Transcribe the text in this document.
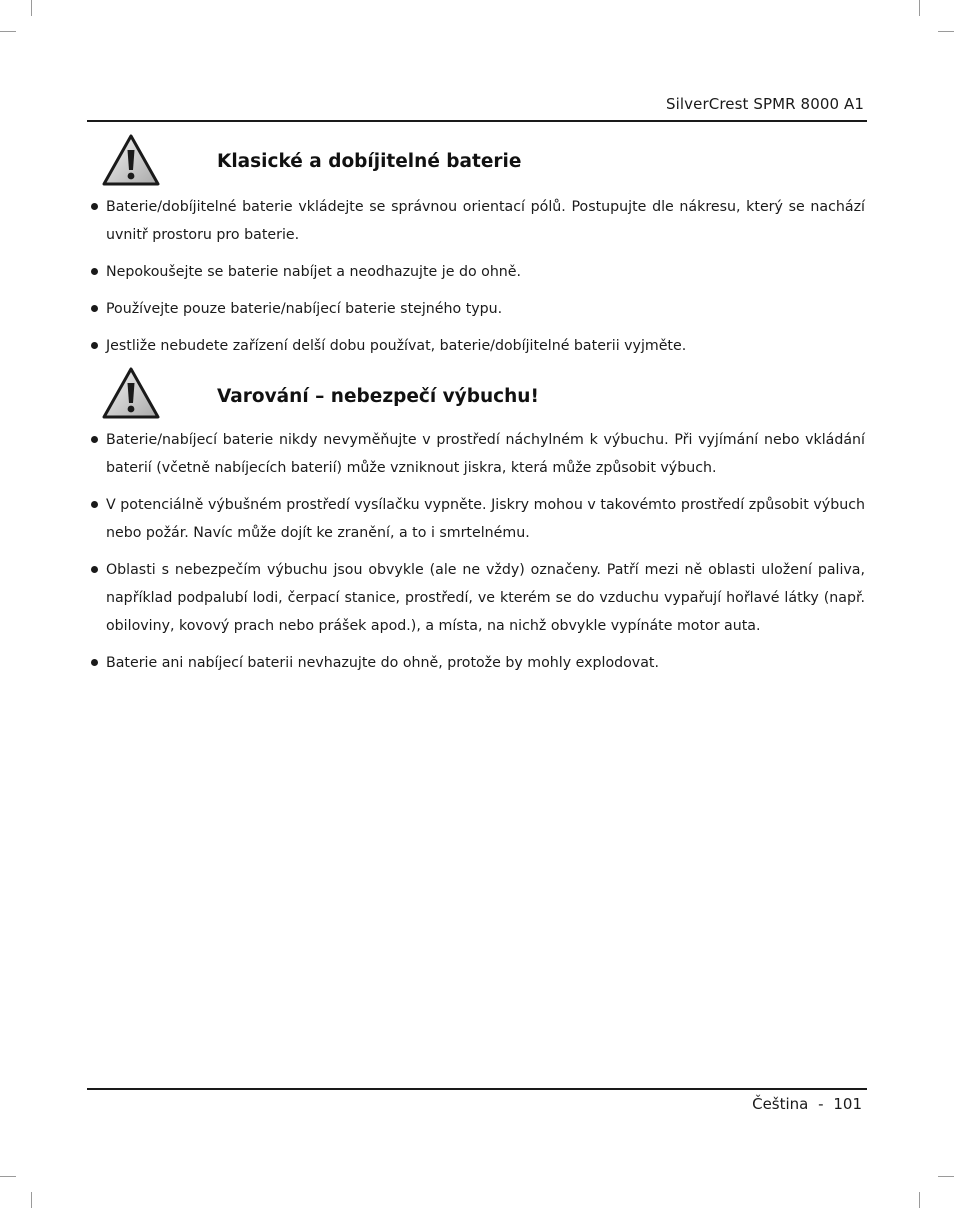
SilverCrest SPMR 8000 A1
Klasické a dobíjitelné baterie
Baterie/dobíjitelné baterie vkládejte se správnou orientací pólů. Postupujte dle nákresu, který se nachází uvnitř prostoru pro baterie.
Nepokoušejte se baterie nabíjet a neodhazujte je do ohně.
Používejte pouze baterie/nabíjecí baterie stejného typu.
Jestliže nebudete zařízení delší dobu používat, baterie/dobíjitelné baterii vyjměte.
Varování – nebezpečí výbuchu!
Baterie/nabíjecí baterie nikdy nevyměňujte v prostředí náchylném k výbuchu. Při vyjímání nebo vkládání baterií (včetně nabíjecích baterií) může vzniknout jiskra, která může způsobit výbuch.
V potenciálně výbušném prostředí vysílačku vypněte. Jiskry mohou v takovémto prostředí způsobit výbuch nebo požár. Navíc může dojít ke zranění, a to i smrtelnému.
Oblasti s nebezpečím výbuchu jsou obvykle (ale ne vždy) označeny. Patří mezi ně oblasti uložení paliva, například podpalubí lodi, čerpací stanice, prostředí, ve kterém se do vzduchu vypařují hořlavé látky (např. obiloviny, kovový prach nebo prášek apod.), a místa, na nichž obvykle vypínáte motor auta.
Baterie ani nabíjecí baterii nevhazujte do ohně, protože by mohly explodovat.
Čeština - 101
